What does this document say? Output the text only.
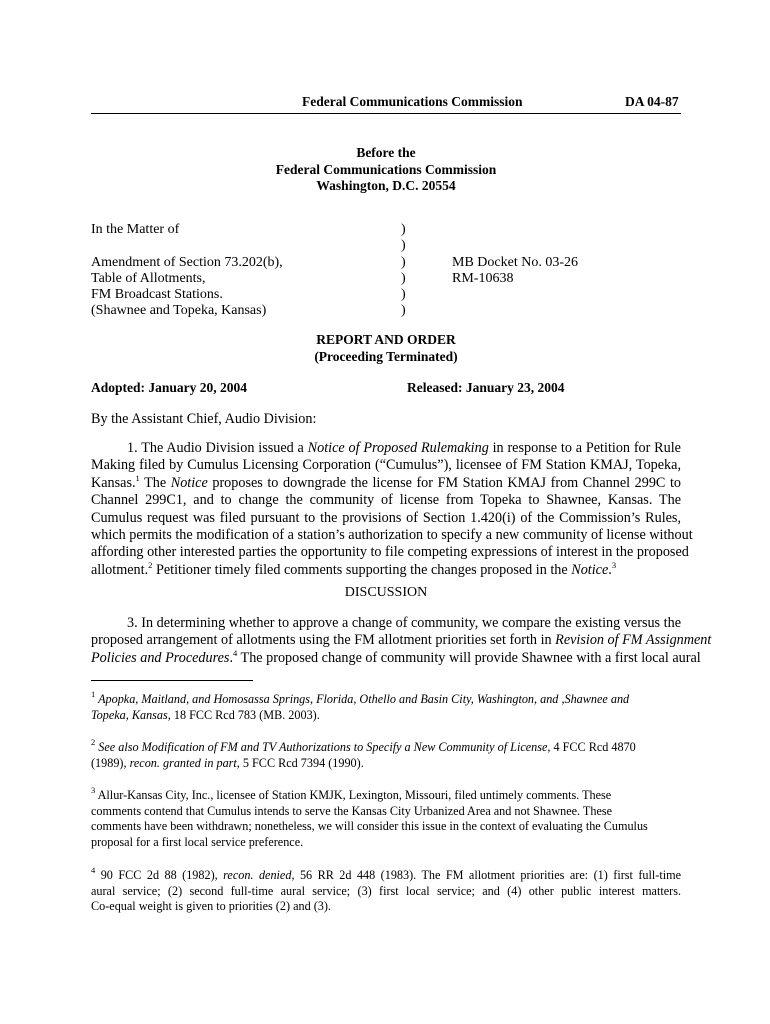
Federal Communications Commission	DA 04-87
Before the
Federal Communications Commission
Washington, D.C. 20554
In the Matter of
Amendment of Section 73.202(b),
Table of Allotments,
FM Broadcast Stations.
(Shawnee and Topeka, Kansas)
)
)
)
)
)
)
MB Docket No. 03-26
RM-10638
REPORT AND ORDER
(Proceeding Terminated)
Adopted: January 20, 2004	Released: January 23, 2004
By the Assistant Chief, Audio Division:
1. The Audio Division issued a Notice of Proposed Rulemaking in response to a Petition for Rule
Making filed by Cumulus Licensing Corporation (“Cumulus”), licensee of FM Station KMAJ, Topeka,
Kansas.$^1$ The Notice proposes to downgrade the license for FM Station KMAJ from Channel 299C to
Channel 299C1, and to change the community of license from Topeka to Shawnee, Kansas. The
Cumulus request was filed pursuant to the provisions of Section 1.420(i) of the Commission’s Rules,
which permits the modification of a station’s authorization to specify a new community of license without
affording other interested parties the opportunity to file competing expressions of interest in the proposed
allotment.$^2$ Petitioner timely filed comments supporting the changes proposed in the Notice.$^3$
DISCUSSION
3. In determining whether to approve a change of community, we compare the existing versus the
proposed arrangement of allotments using the FM allotment priorities set forth in Revision of FM Assignment
Policies and Procedures.$^4$ The proposed change of community will provide Shawnee with a first local aural
$^1$ Apopka, Maitland, and Homosassa Springs, Florida, Othello and Basin City, Washington, and ,Shawnee and
Topeka, Kansas, 18 FCC Rcd 783 (MB. 2003).
$^2$ See also Modification of FM and TV Authorizations to Specify a New Community of License, 4 FCC Rcd 4870
(1989), recon. granted in part, 5 FCC Rcd 7394 (1990).
$^3$ Allur-Kansas City, Inc., licensee of Station KMJK, Lexington, Missouri, filed untimely comments. These
comments contend that Cumulus intends to serve the Kansas City Urbanized Area and not Shawnee. These
comments have been withdrawn; nonetheless, we will consider this issue in the context of evaluating the Cumulus
proposal for a first local service preference.
$^4$ 90 FCC 2d 88 (1982), recon. denied, 56 RR 2d 448 (1983). The FM allotment priorities are: (1) first full-time
aural service; (2) second full-time aural service; (3) first local service; and (4) other public interest matters.
Co-equal weight is given to priorities (2) and (3).
